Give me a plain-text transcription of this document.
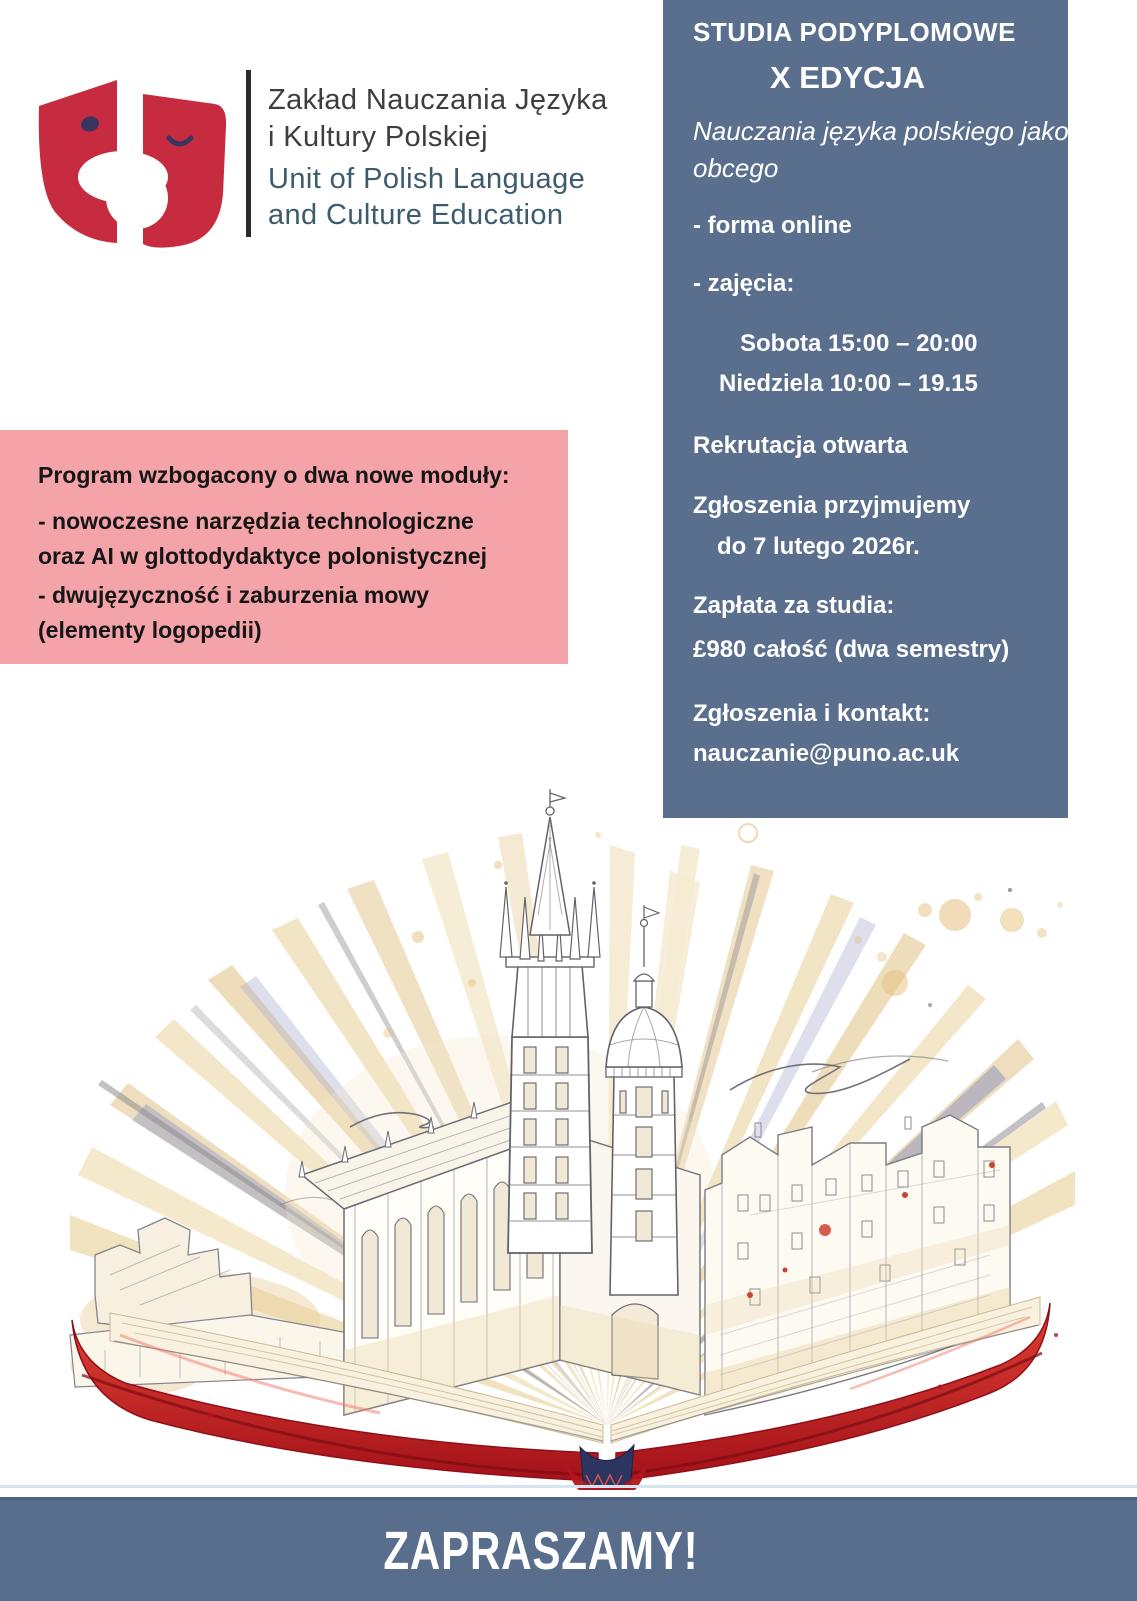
Zakład Nauczania Języka
i Kultury Polskiej
Unit of Polish Language
and Culture Education
Program wzbogacony o dwa nowe moduły:
- nowoczesne narzędzia technologiczne
oraz AI w glottodydaktyce polonistycznej
- dwujęzyczność i zaburzenia mowy
(elementy logopedii)
STUDIA PODYPLOMOWE
X EDYCJA
Nauczania języka polskiego jako
obcego
- forma online
- zajęcia:
Sobota 15:00 – 20:00
Niedziela 10:00 – 19.15
Rekrutacja otwarta
Zgłoszenia przyjmujemy
do 7 lutego 2026r.
Zapłata za studia:
£980 całość (dwa semestry)
Zgłoszenia i kontakt:
nauczanie@puno.ac.uk
ZAPRASZAMY!
